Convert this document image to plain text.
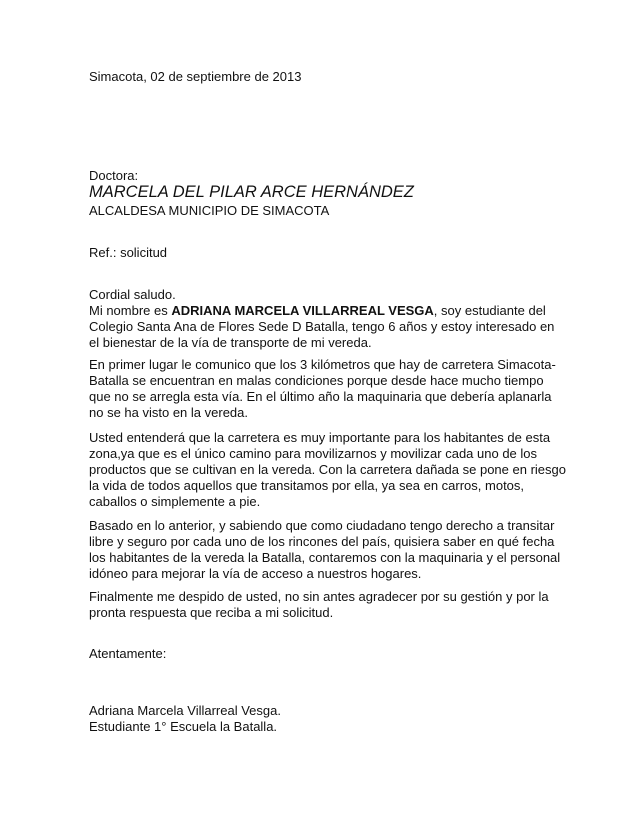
Simacota, 02 de septiembre de 2013
Doctora:
MARCELA DEL PILAR ARCE HERNÁNDEZ
ALCALDESA MUNICIPIO DE SIMACOTA
Ref.: solicitud
Cordial saludo.
Mi nombre es ADRIANA MARCELA VILLARREAL VESGA, soy estudiante del
Colegio Santa Ana de Flores Sede D Batalla, tengo 6 años y estoy interesado en
el bienestar de la vía de transporte de mi vereda.
En primer lugar le comunico que los 3 kilómetros que hay de carretera Simacota-
Batalla se encuentran en malas condiciones porque desde hace mucho tiempo
que no se arregla esta vía. En el último año la maquinaria que debería aplanarla
no se ha visto en la vereda.
Usted entenderá que la carretera es muy importante para los habitantes de esta
zona,ya que es el único camino para movilizarnos y movilizar cada uno de los
productos que se cultivan en la vereda. Con la carretera dañada se pone en riesgo
la vida de todos aquellos que transitamos por ella, ya sea en carros, motos,
caballos o simplemente a pie.
Basado en lo anterior, y sabiendo que como ciudadano tengo derecho a transitar
libre y seguro por cada uno de los rincones del país, quisiera saber en qué fecha
los habitantes de la vereda la Batalla, contaremos con la maquinaria y el personal
idóneo para mejorar la vía de acceso a nuestros hogares.
Finalmente me despido de usted, no sin antes agradecer por su gestión y por la
pronta respuesta que reciba a mi solicitud.
Atentamente:
Adriana Marcela Villarreal Vesga.
Estudiante 1° Escuela la Batalla.
